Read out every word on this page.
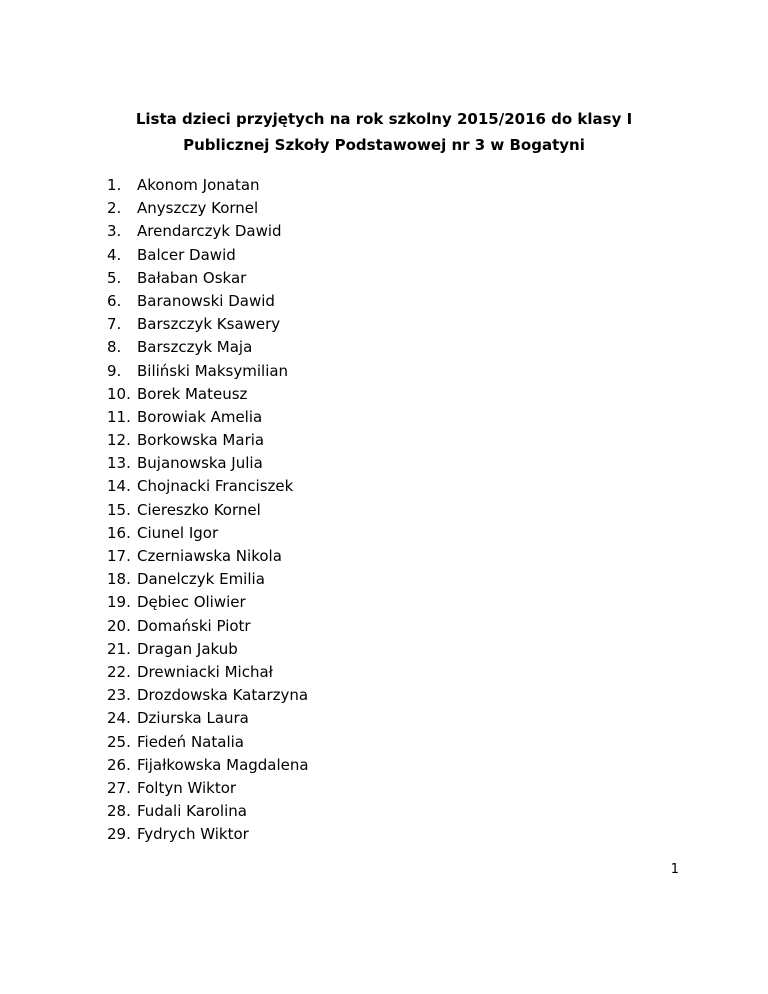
Lista dzieci przyjętych na rok szkolny 2015/2016 do klasy I
Publicznej Szkoły Podstawowej nr 3 w Bogatyni
1.	Akonom Jonatan
2.	Anyszczy Kornel
3.	Arendarczyk Dawid
4.	Balcer Dawid
5.	Bałaban Oskar
6.	Baranowski Dawid
7.	Barszczyk Ksawery
8.	Barszczyk Maja
9.	Biliński Maksymilian
10. Borek Mateusz
11. Borowiak Amelia
12. Borkowska Maria
13. Bujanowska Julia
14. Chojnacki Franciszek
15. Ciereszko Kornel
16. Ciunel Igor
17. Czerniawska Nikola
18. Danelczyk Emilia
19. Dębiec Oliwier
20. Domański Piotr
21. Dragan Jakub
22. Drewniacki Michał
23. Drozdowska Katarzyna
24. Dziurska Laura
25. Fiedeń Natalia
26. Fijałkowska Magdalena
27. Foltyn Wiktor
28. Fudali Karolina
29. Fydrych Wiktor
1
